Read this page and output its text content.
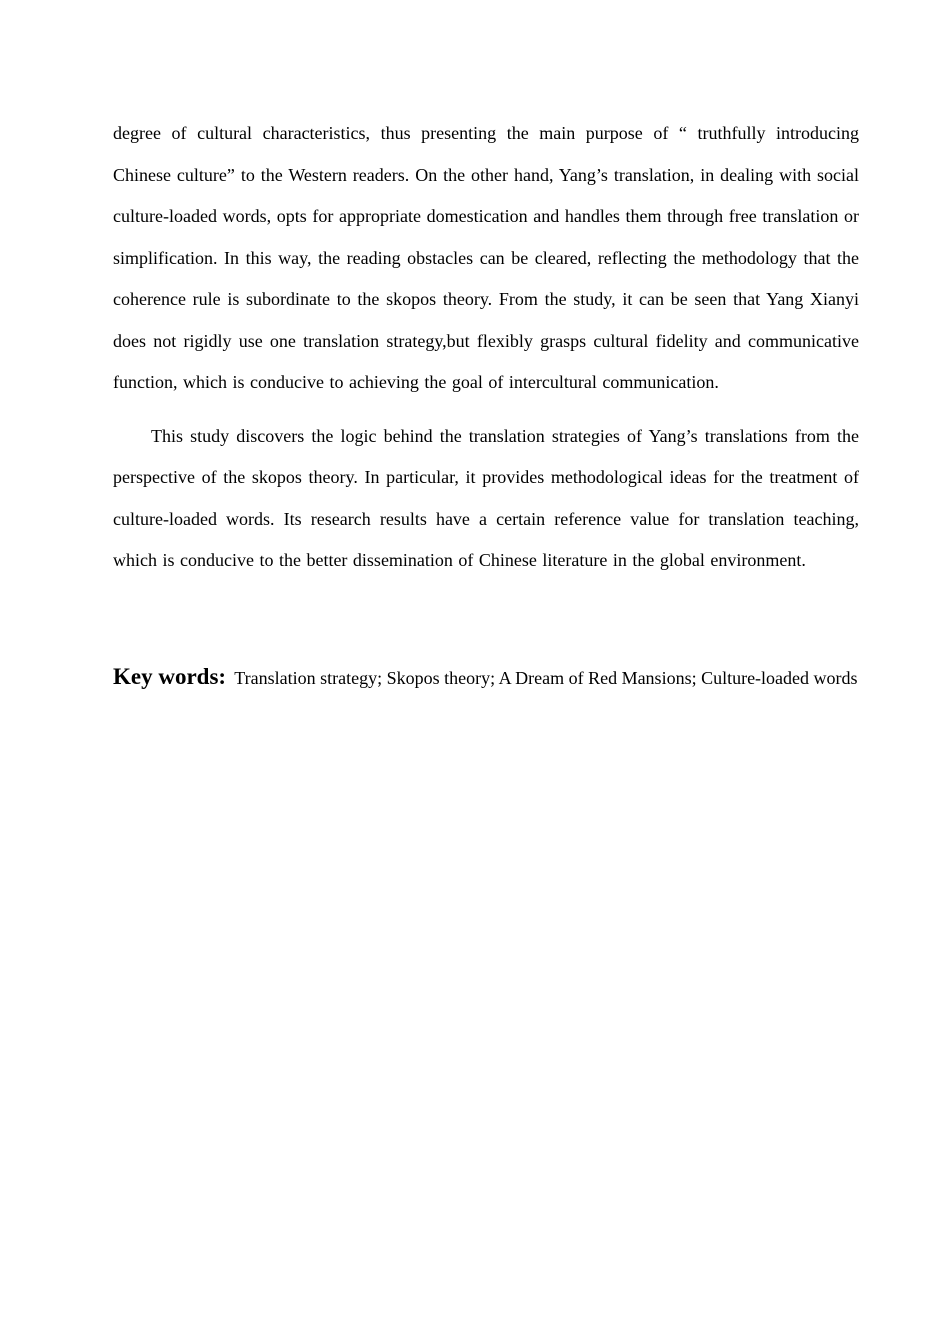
degree of cultural characteristics, thus presenting the main purpose of “ truthfully introducing Chinese culture” to the Western readers. On the other hand, Yang’s translation, in dealing with social culture-loaded words, opts for appropriate domestication and handles them through free translation or simplification. In this way, the reading obstacles can be cleared, reflecting the methodology that the coherence rule is subordinate to the skopos theory. From the study, it can be seen that Yang Xianyi does not rigidly use one translation strategy,but flexibly grasps cultural fidelity and communicative function, which is conducive to achieving the goal of intercultural communication.

This study discovers the logic behind the translation strategies of Yang’s translations from the perspective of the skopos theory. In particular, it provides methodological ideas for the treatment of culture-loaded words. Its research results have a certain reference value for translation teaching, which is conducive to the better dissemination of Chinese literature in the global environment.

Key words: Translation strategy; Skopos theory; A Dream of Red Mansions; Culture-loaded words
